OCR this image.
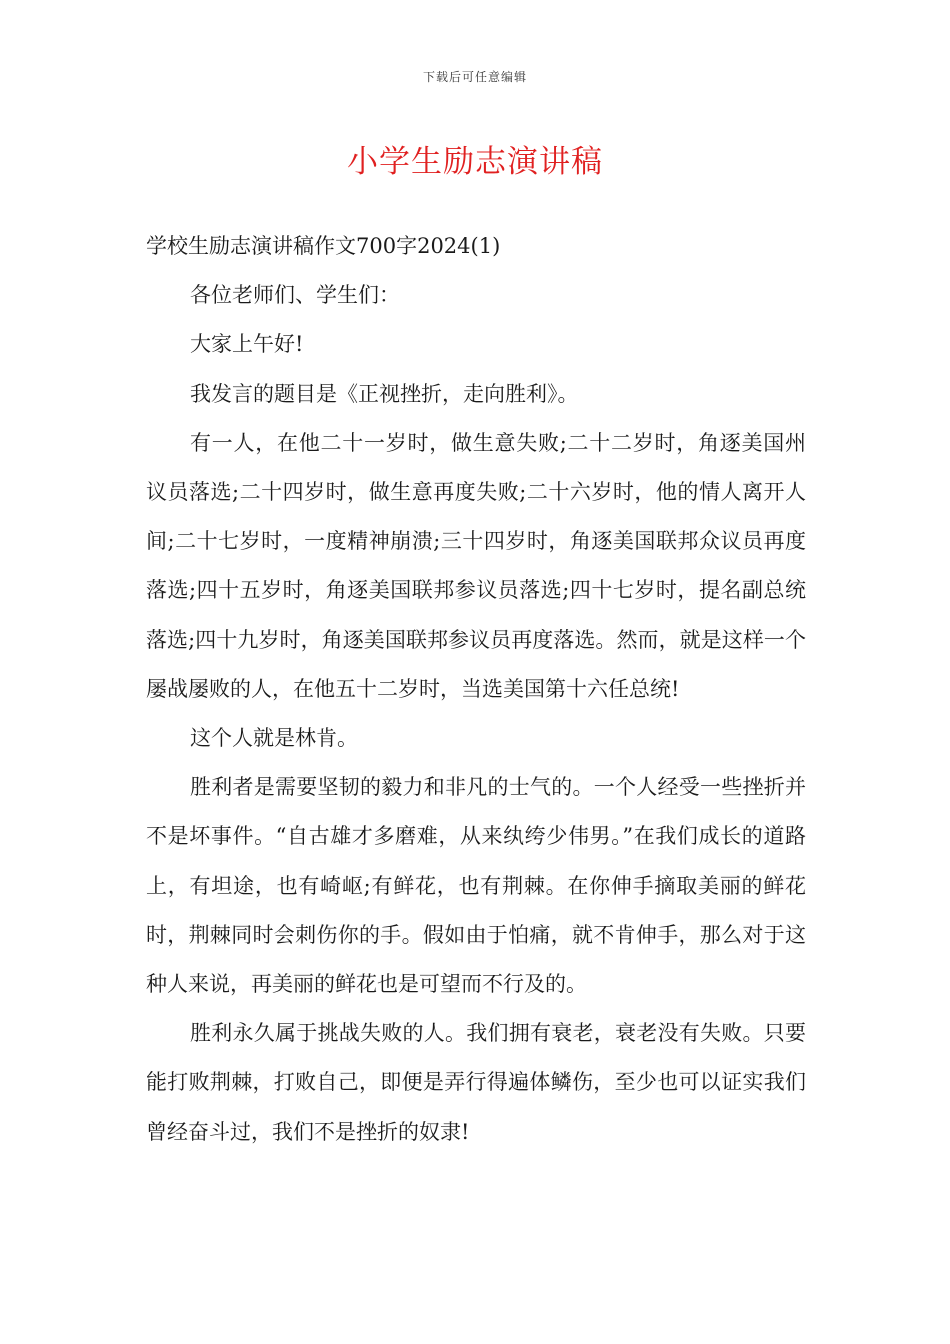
下载后可任意编辑
小学生励志演讲稿

学校生励志演讲稿作文700字2024(1)

各位老师们、学生们：

大家上午好!

我发言的题目是《正视挫折，走向胜利》。

有一人，在他二十一岁时，做生意失败;二十二岁时，角逐美国州议员落选;二十四岁时，做生意再度失败;二十六岁时，他的情人离开人间;二十七岁时，一度精神崩溃;三十四岁时，角逐美国联邦众议员再度落选;四十五岁时，角逐美国联邦参议员落选;四十七岁时，提名副总统落选;四十九岁时，角逐美国联邦参议员再度落选。然而，就是这样一个屡战屡败的人，在他五十二岁时，当选美国第十六任总统!

这个人就是林肯。

胜利者是需要坚韧的毅力和非凡的士气的。一个人经受一些挫折并不是坏事件。“自古雄才多磨难，从来纨绔少伟男。”在我们成长的道路上，有坦途，也有崎岖;有鲜花，也有荆棘。在你伸手摘取美丽的鲜花时，荆棘同时会刺伤你的手。假如由于怕痛，就不肯伸手，那么对于这种人来说，再美丽的鲜花也是可望而不行及的。

胜利永久属于挑战失败的人。我们拥有衰老，衰老没有失败。只要能打败荆棘，打败自己，即便是弄行得遍体鳞伤，至少也可以证实我们曾经奋斗过，我们不是挫折的奴隶!
